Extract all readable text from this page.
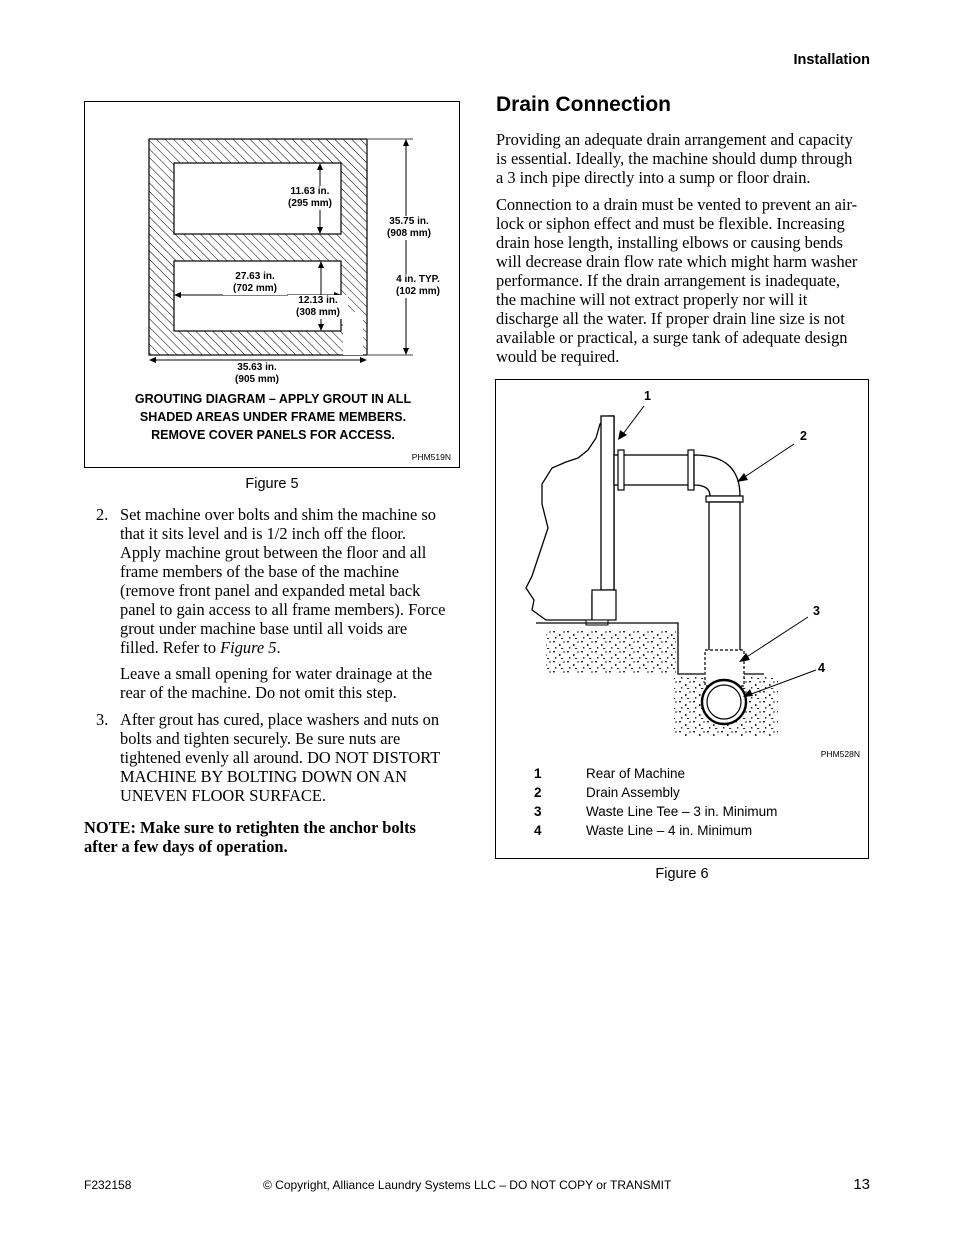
Installation
11.63 in.
(295 mm)
35.75 in.
(908 mm)
27.63 in.
(702 mm)
4 in. TYP.
(102 mm)
12.13 in.
(308 mm)
35.63 in.
(905 mm)
GROUTING DIAGRAM – APPLY GROUT IN ALL
SHADED AREAS UNDER FRAME MEMBERS.
REMOVE COVER PANELS FOR ACCESS.
PHM519N
Figure 5
2. Set machine over bolts and shim the machine so
that it sits level and is 1/2 inch off the floor.
Apply machine grout between the floor and all
frame members of the base of the machine
(remove front panel and expanded metal back
panel to gain access to all frame members). Force
grout under machine base until all voids are
filled. Refer to Figure 5.
Leave a small opening for water drainage at the
rear of the machine. Do not omit this step.
3. After grout has cured, place washers and nuts on
bolts and tighten securely. Be sure nuts are
tightened evenly all around. DO NOT DISTORT
MACHINE BY BOLTING DOWN ON AN
UNEVEN FLOOR SURFACE.
NOTE: Make sure to retighten the anchor bolts
after a few days of operation.
Drain Connection
Providing an adequate drain arrangement and capacity
is essential. Ideally, the machine should dump through
a 3 inch pipe directly into a sump or floor drain.
Connection to a drain must be vented to prevent an air-
lock or siphon effect and must be flexible. Increasing
drain hose length, installing elbows or causing bends
will decrease drain flow rate which might harm washer
performance. If the drain arrangement is inadequate,
the machine will not extract properly nor will it
discharge all the water. If proper drain line size is not
available or practical, a surge tank of adequate design
would be required.
1
2
3
4
PHM528N
1	Rear of Machine
2	Drain Assembly
3	Waste Line Tee – 3 in. Minimum
4	Waste Line – 4 in. Minimum
Figure 6
F232158	© Copyright, Alliance Laundry Systems LLC – DO NOT COPY or TRANSMIT	13
